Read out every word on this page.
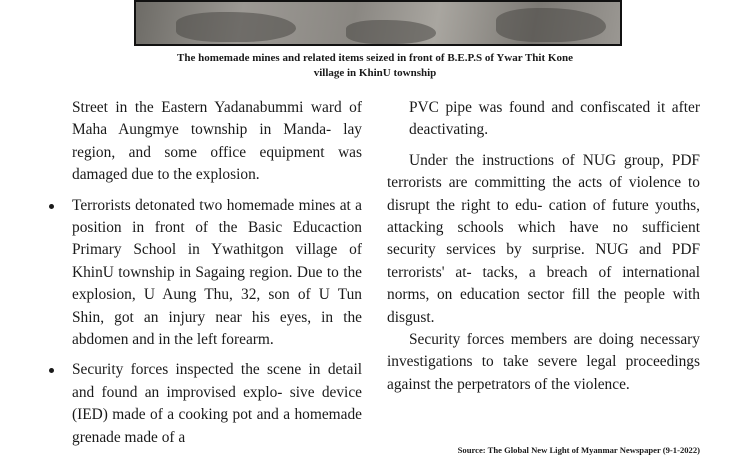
The homemade mines and related items seized in front of B.E.P.S of Ywar Thit Kone
village in KhinU township

Street in the Eastern Yadanabummi ward of Maha Aungmye township in Manda- lay region, and some office equipment was damaged due to the explosion.

Terrorists detonated two homemade mines at a position in front of the Basic Educaction Primary School in Ywathitgon village of KhinU township in Sagaing region. Due to the explosion, U Aung Thu, 32, son of U Tun Shin, got an injury near his eyes, in the abdomen and in the left forearm.

Security forces inspected the scene in detail and found an improvised explo- sive device (IED) made of a cooking pot and a homemade grenade made of a

PVC pipe was found and confiscated it after deactivating.

Under the instructions of NUG group, PDF terrorists are committing the acts of violence to disrupt the right to edu- cation of future youths, attacking schools which have no sufficient security services by surprise. NUG and PDF terrorists' at- tacks, a breach of international norms, on education sector fill the people with disgust.

Security forces members are doing necessary investigations to take severe legal proceedings against the perpetrators of the violence.

Source: The Global New Light of Myanmar Newspaper (9-1-2022)
